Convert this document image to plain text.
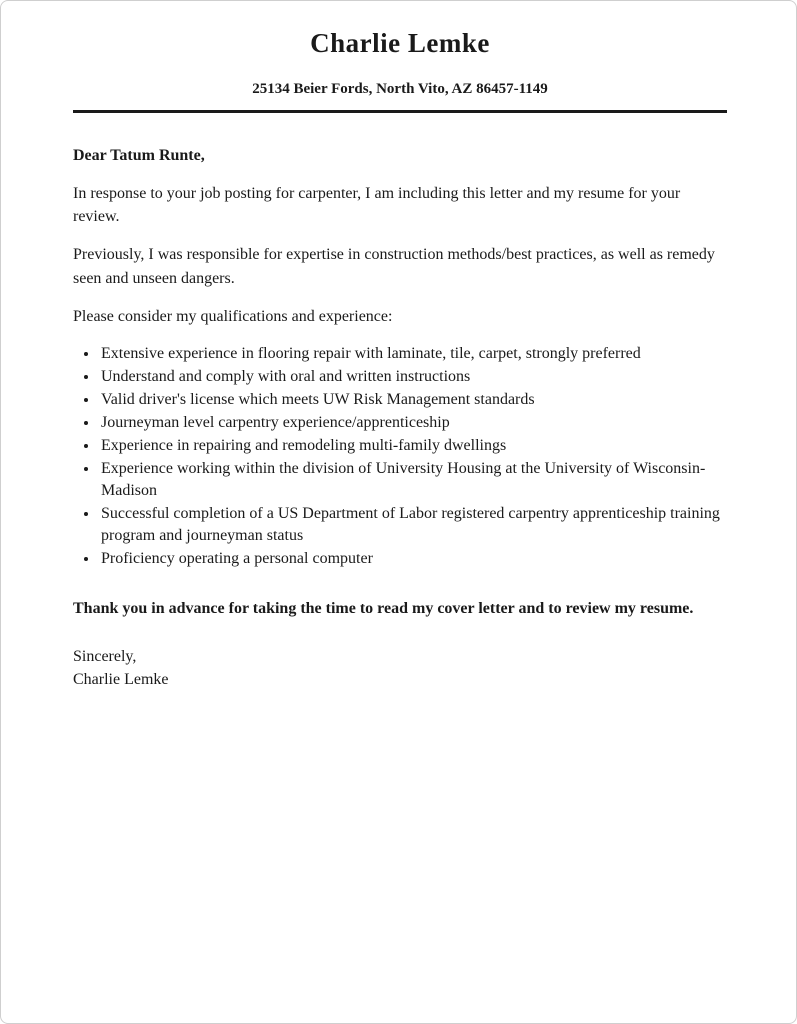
Charlie Lemke
25134 Beier Fords, North Vito, AZ 86457-1149

Dear Tatum Runte,

In response to your job posting for carpenter, I am including this letter and my resume for your review.

Previously, I was responsible for expertise in construction methods/best practices, as well as remedy seen and unseen dangers.

Please consider my qualifications and experience:

• Extensive experience in flooring repair with laminate, tile, carpet, strongly preferred
• Understand and comply with oral and written instructions
• Valid driver's license which meets UW Risk Management standards
• Journeyman level carpentry experience/apprenticeship
• Experience in repairing and remodeling multi-family dwellings
• Experience working within the division of University Housing at the University of Wisconsin-Madison
• Successful completion of a US Department of Labor registered carpentry apprenticeship training program and journeyman status
• Proficiency operating a personal computer

Thank you in advance for taking the time to read my cover letter and to review my resume.

Sincerely,
Charlie Lemke
